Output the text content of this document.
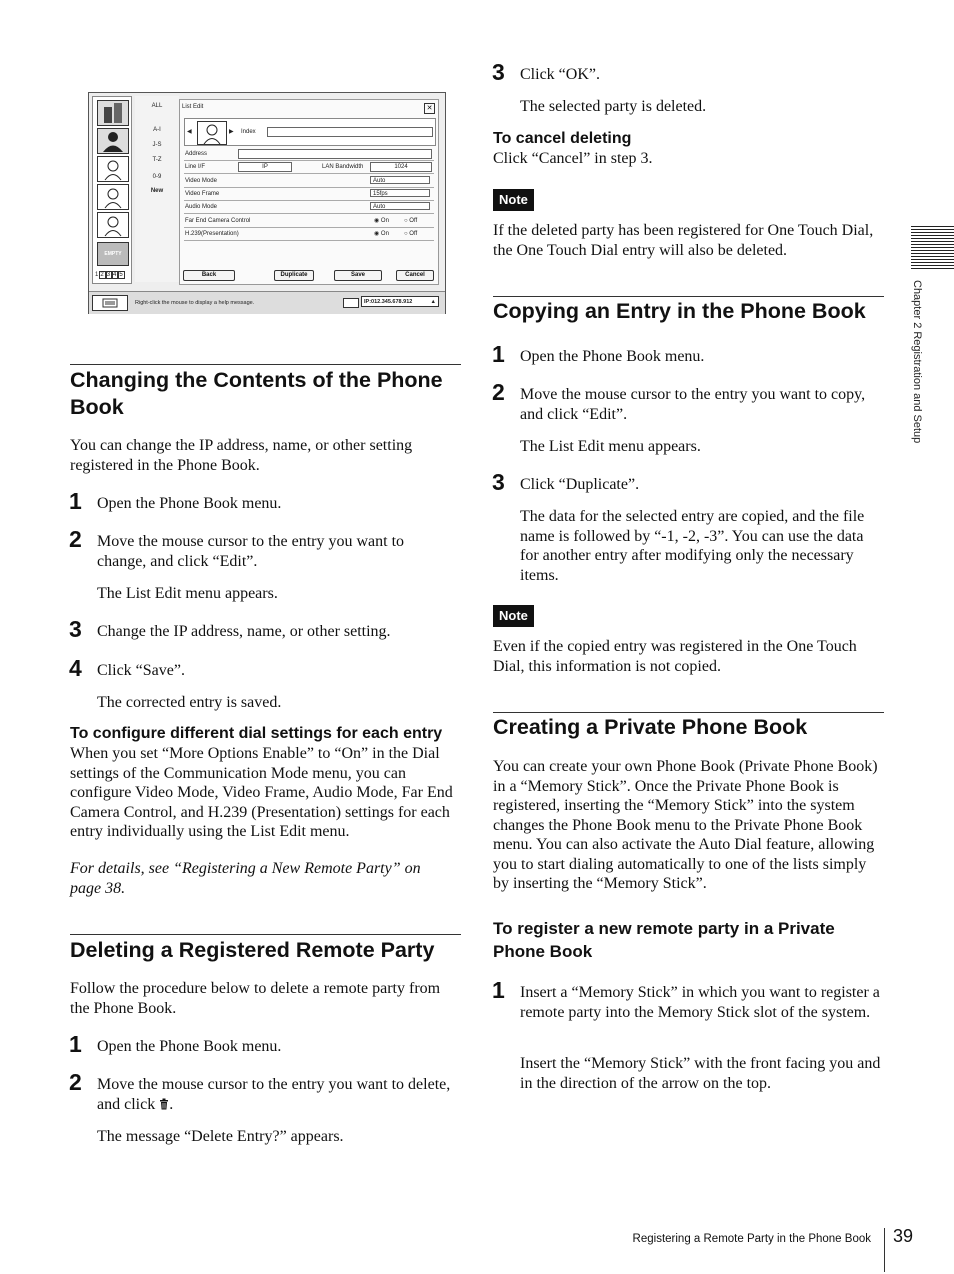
EMPTY
12 3 4 5
ALL
A-I
J-S
T-Z
0-9
New
List Edit	✕
◀	▶ Index
Address
Line I/F	IP	LAN Bandwidth	1024
Video Mode	Auto
Video Frame	15fps
Audio Mode	Auto
Far End Camera Control	◉ On	○ Off
H.239(Presentation)	◉ On	○ Off
Back	Duplicate	Save	Cancel
Right-click the mouse to display a help message.	IP:012.345.678.912	▲
Changing the Contents of the Phone Book

You can change the IP address, name, or other setting registered in the Phone Book.

1 Open the Phone Book menu.

2 Move the mouse cursor to the entry you want to change, and click “Edit”.

The List Edit menu appears.

3 Change the IP address, name, or other setting.

4 Click “Save”.

The corrected entry is saved.

To configure different dial settings for each entry

When you set “More Options Enable” to “On” in the Dial settings of the Communication Mode menu, you can configure Video Mode, Video Frame, Audio Mode, Far End Camera Control, and H.239 (Presentation) settings for each entry individually using the List Edit menu.

For details, see “Registering a New Remote Party” on page 38.

Deleting a Registered Remote Party

Follow the procedure below to delete a remote party from the Phone Book.

1 Open the Phone Book menu.

2 Move the mouse cursor to the entry you want to delete, and click .

The message “Delete Entry?” appears.

3 Click “OK”.

The selected party is deleted.

To cancel deleting

Click “Cancel” in step 3.

Note

If the deleted party has been registered for One Touch Dial, the One Touch Dial entry will also be deleted.

Copying an Entry in the Phone Book
1 Open the Phone Book menu.

2 Move the mouse cursor to the entry you want to copy, and click “Edit”.

The List Edit menu appears.

3 Click “Duplicate”.

The data for the selected entry are copied, and the file name is followed by “-1, -2, -3”. You can use the data for another entry after modifying only the necessary items.

Note

Even if the copied entry was registered in the One Touch Dial, this information is not copied.

Creating a Private Phone Book

You can create your own Phone Book (Private Phone Book) in a “Memory Stick”. Once the Private Phone Book is registered, inserting the “Memory Stick” into the system changes the Phone Book menu to the Private Phone Book menu. You can also activate the Auto Dial feature, allowing you to start dialing automatically to one of the lists simply by inserting the “Memory Stick”.

To register a new remote party in a Private Phone Book
1 Insert a “Memory Stick” in which you want to register a remote party into the Memory Stick slot of the system.

Insert the “Memory Stick” with the front facing you and in the direction of the arrow on the top.

Chapter 2 Registration and Setup
Registering a Remote Party in the Phone Book 39
